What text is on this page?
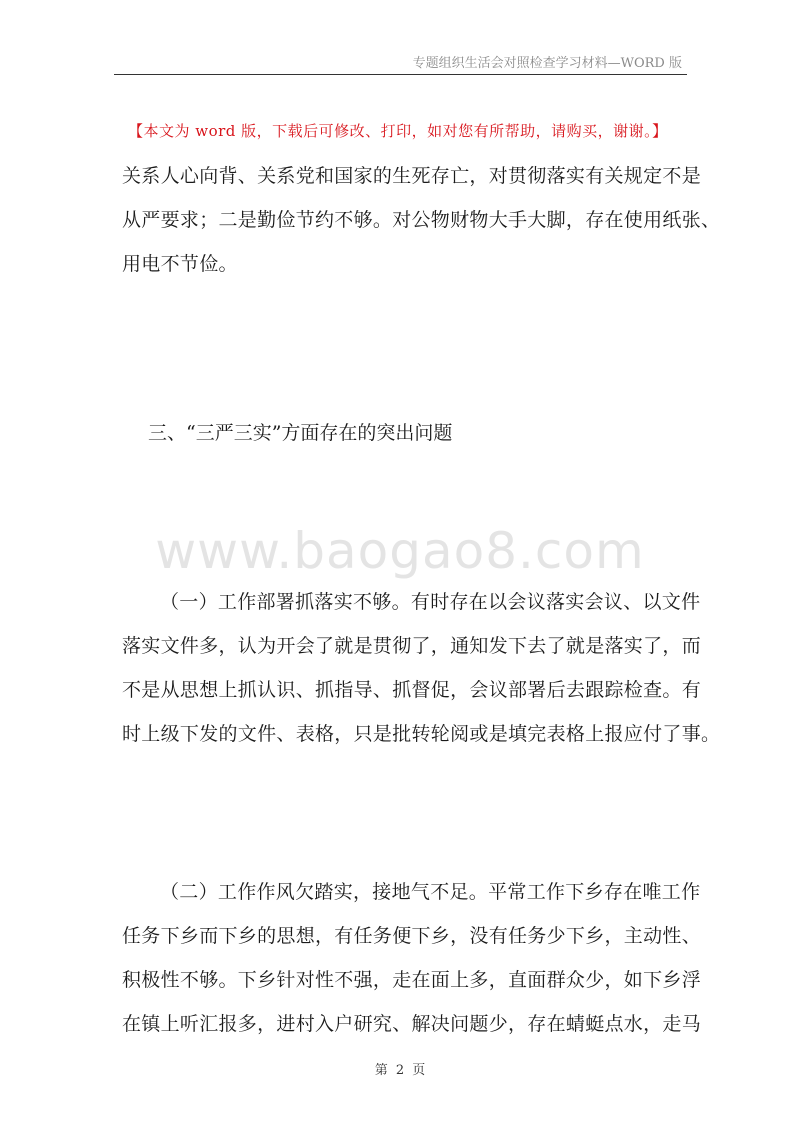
专题组织生活会对照检查学习材料—WORD 版
【本文为 word 版，下载后可修改、打印，如对您有所帮助，请购买，谢谢。】

关系人心向背、关系党和国家的生死存亡，对贯彻落实有关规定不是
从严要求；二是勤俭节约不够。对公物财物大手大脚，存在使用纸张、
用电不节俭。

三、“三严三实”方面存在的突出问题
www.baogao8.com

（一）工作部署抓落实不够。有时存在以会议落实会议、以文件
落实文件多，认为开会了就是贯彻了，通知发下去了就是落实了，而
不是从思想上抓认识、抓指导、抓督促，会议部署后去跟踪检查。有
时上级下发的文件、表格，只是批转轮阅或是填完表格上报应付了事。

（二）工作作风欠踏实，接地气不足。平常工作下乡存在唯工作
任务下乡而下乡的思想，有任务便下乡，没有任务少下乡，主动性、
积极性不够。下乡针对性不强，走在面上多，直面群众少，如下乡浮
在镇上听汇报多，进村入户研究、解决问题少，存在蜻蜓点水，走马

第 2 页
